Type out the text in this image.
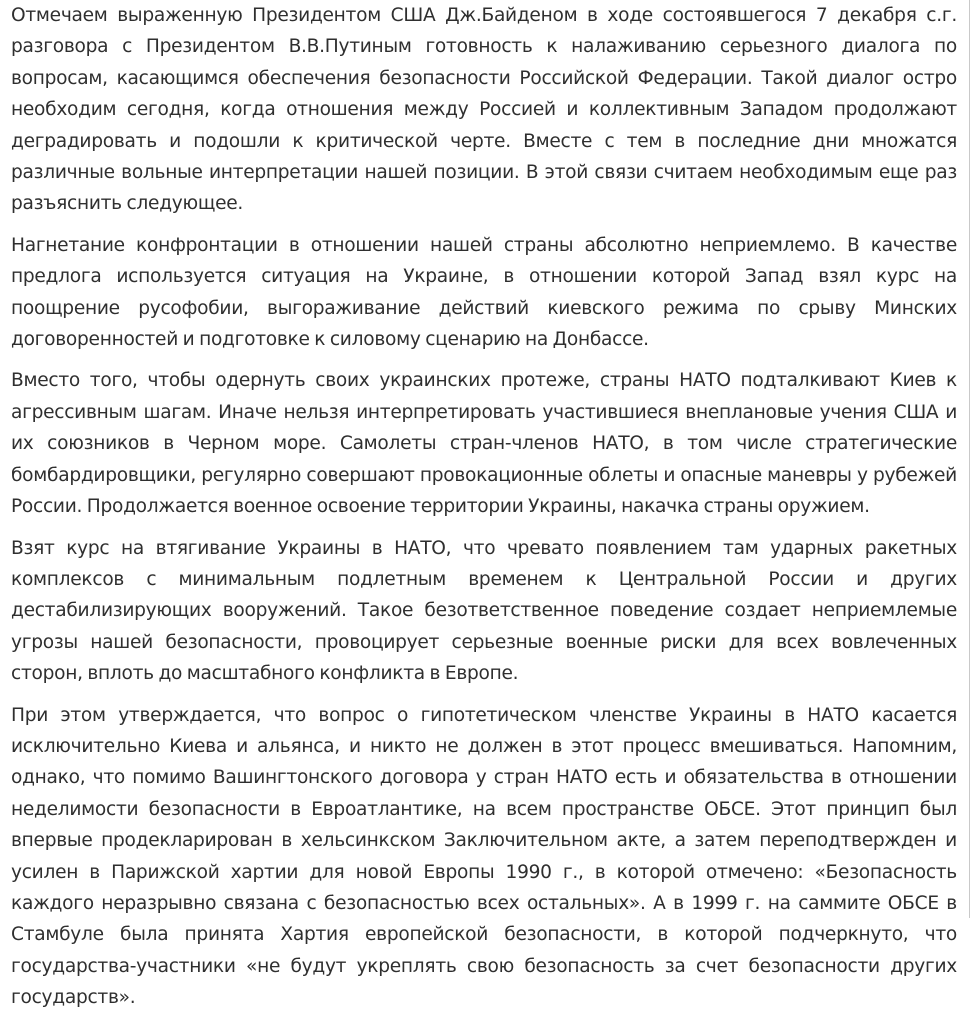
Отмечаем выраженную Президентом США Дж.Байденом в ходе состоявшегося 7 декабря с.г. разговора с Президентом В.В.Путиным готовность к налаживанию серьезного диалога по вопросам, касающимся обеспечения безопасности Российской Федерации. Такой диалог остро необходим сегодня, когда отношения между Россией и коллективным Западом продолжают деградировать и подошли к критической черте. Вместе с тем в последние дни множатся различные вольные интерпретации нашей позиции. В этой связи считаем необходимым еще раз разъяснить следующее.

Нагнетание конфронтации в отношении нашей страны абсолютно неприемлемо. В качестве предлога используется ситуация на Украине, в отношении которой Запад взял курс на поощрение русофобии, выгораживание действий киевского режима по срыву Минских договоренностей и подготовке к силовому сценарию на Донбассе.

Вместо того, чтобы одернуть своих украинских протеже, страны НАТО подталкивают Киев к агрессивным шагам. Иначе нельзя интерпретировать участившиеся внеплановые учения США и их союзников в Черном море. Самолеты стран-членов НАТО, в том числе стратегические бомбардировщики, регулярно совершают провокационные облеты и опасные маневры у рубежей России. Продолжается военное освоение территории Украины, накачка страны оружием.

Взят курс на втягивание Украины в НАТО, что чревато появлением там ударных ракетных комплексов с минимальным подлетным временем к Центральной России и других дестабилизирующих вооружений. Такое безответственное поведение создает неприемлемые угрозы нашей безопасности, провоцирует серьезные военные риски для всех вовлеченных сторон, вплоть до масштабного конфликта в Европе.

При этом утверждается, что вопрос о гипотетическом членстве Украины в НАТО касается исключительно Киева и альянса, и никто не должен в этот процесс вмешиваться. Напомним, однако, что помимо Вашингтонского договора у стран НАТО есть и обязательства в отношении неделимости безопасности в Евроатлантике, на всем пространстве ОБСЕ. Этот принцип был впервые продекларирован в хельсинкском Заключительном акте, а затем переподтвержден и усилен в Парижской хартии для новой Европы 1990 г., в которой отмечено: «Безопасность каждого неразрывно связана с безопасностью всех остальных». А в 1999 г. на саммите ОБСЕ в Стамбуле была принята Хартия европейской безопасности, в которой подчеркнуто, что государства-участники «не будут укреплять свою безопасность за счет безопасности других государств».
